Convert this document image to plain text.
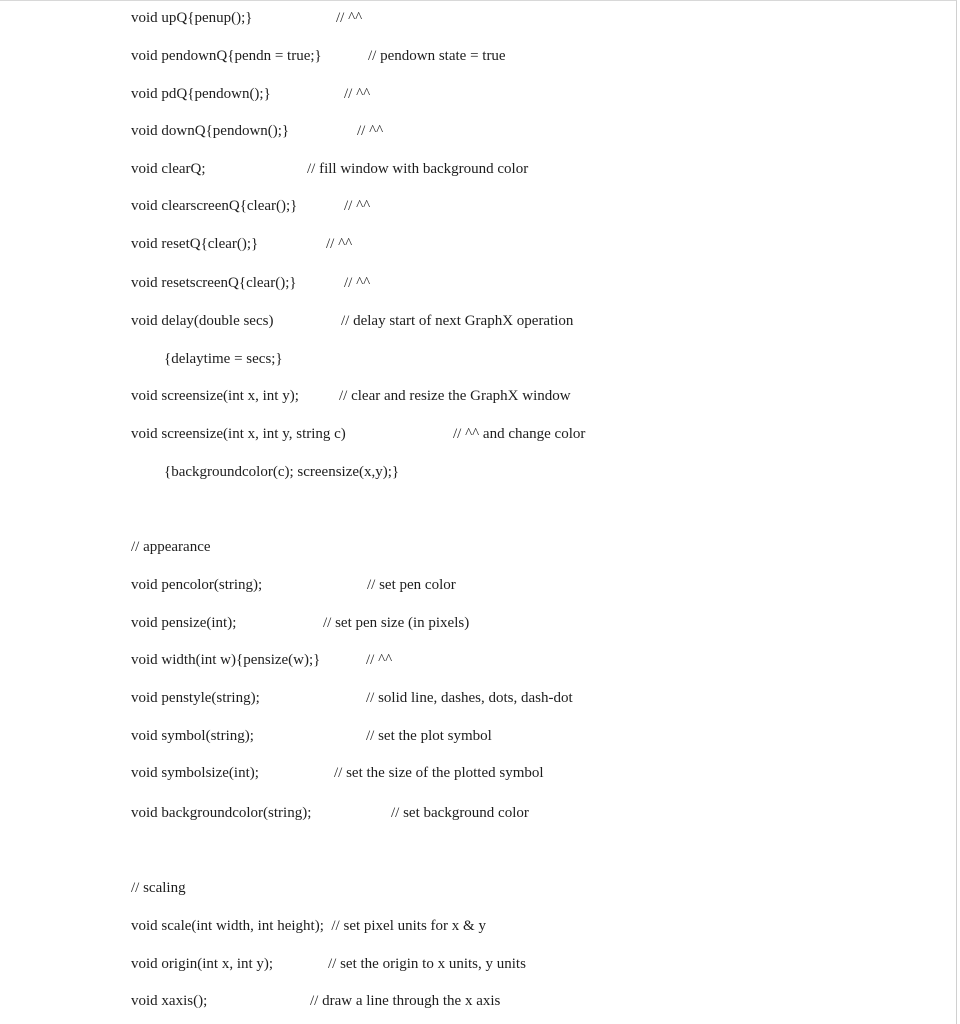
void upQ{penup();}	// ^^
void pendownQ{pendn = true;}	// pendown state = true
void pdQ{pendown();}	// ^^
void downQ{pendown();}	// ^^
void clearQ;	// fill window with background color
void clearscreenQ{clear();}	// ^^
void resetQ{clear();}	// ^^
void resetscreenQ{clear();}	// ^^
void delay(double secs)	// delay start of next GraphX operation
{delaytime = secs;}
void screensize(int x, int y);	// clear and resize the GraphX window
void screensize(int x, int y, string c)	// ^^ and change color
{backgroundcolor(c); screensize(x,y);}
// appearance
void pencolor(string);	// set pen color
void pensize(int);	// set pen size (in pixels)
void width(int w){pensize(w);}	// ^^
void penstyle(string);	// solid line, dashes, dots, dash-dot
void symbol(string);	// set the plot symbol
void symbolsize(int);	// set the size of the plotted symbol
void backgroundcolor(string);	// set background color
// scaling
void scale(int width, int height); // set pixel units for x & y
void origin(int x, int y);	// set the origin to x units, y units
void xaxis();	// draw a line through the x axis
